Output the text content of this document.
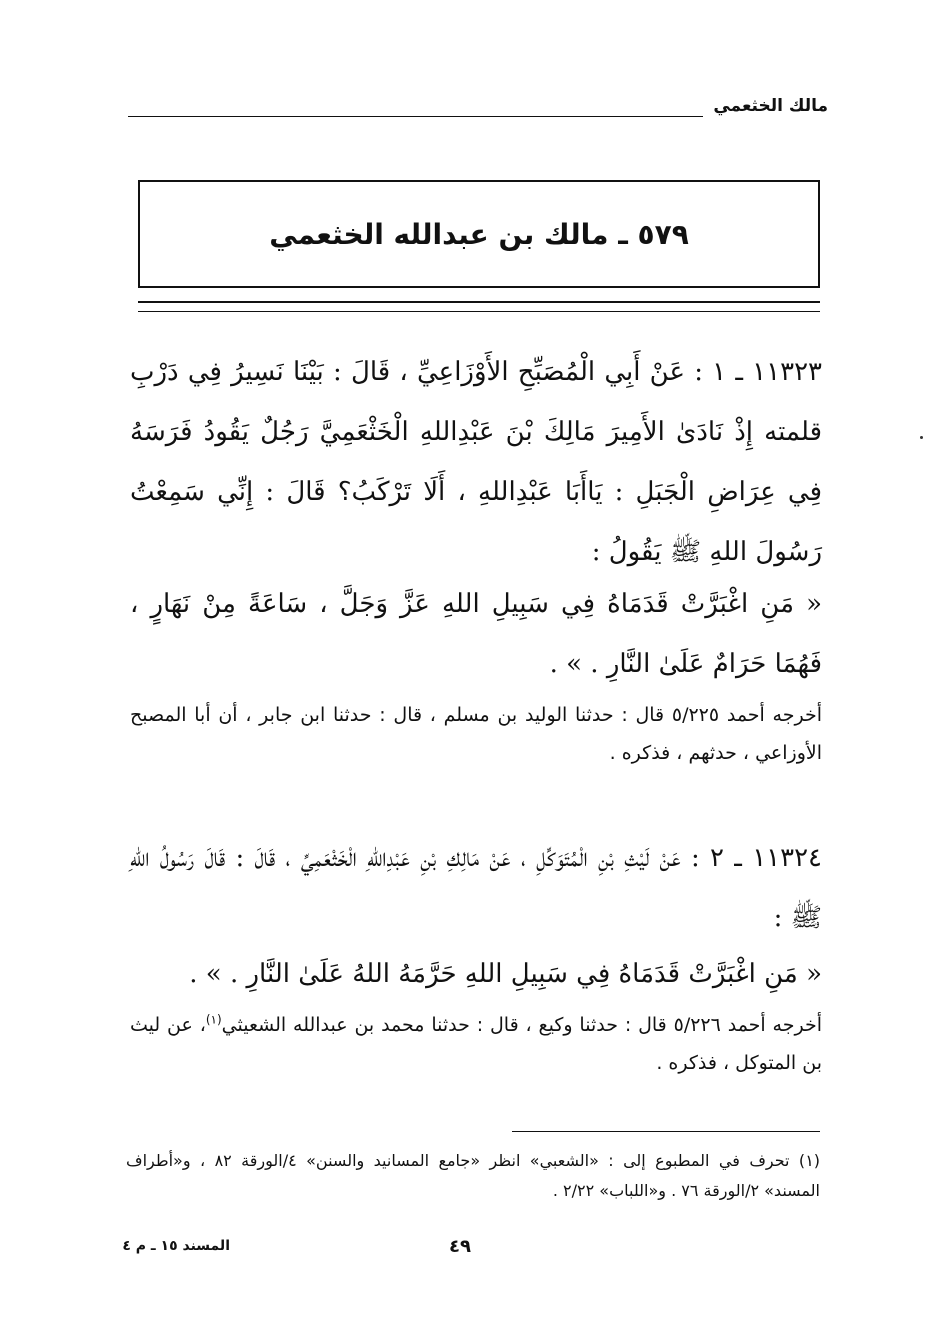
مالك الخثعمي
٥٧٩ ـ مالك بن عبدالله الخثعمي

١١٣٢٣ ـ ١ : عَنْ أَبِي الْمُصَبِّحِ الأَوْزَاعِيِّ ، قَالَ : بَيْنَا نَسِيرُ فِي دَرْبِ قلمته إِذْ نَادَىٰ الأَمِيرَ مَالِكَ بْنَ عَبْدِاللهِ الْخَثْعَمِيَّ رَجُلٌ يَقُودُ فَرَسَهُ فِي عِرَاضِ الْجَبَلِ : يَاأَبَا عَبْدِاللهِ ، أَلَا تَرْكَبُ؟ قَالَ : إِنِّي سَمِعْتُ رَسُولَ اللهِ ﷺ يَقُولُ :

« مَنِ اغْبَرَّتْ قَدَمَاهُ فِي سَبِيلِ اللهِ عَزَّ وَجَلَّ ، سَاعَةً مِنْ نَهَارٍ ، فَهُمَا حَرَامٌ عَلَىٰ النَّارِ . » .

أخرجه أحمد ٥/٢٢٥ قال : حدثنا الوليد بن مسلم ، قال : حدثنا ابن جابر ، أن أبا المصبح الأوزاعي ، حدثهم ، فذكره .

١١٣٢٤ ـ ٢ : عَنْ لَيْثِ بْنِ الْمُتَوَكِّلِ ، عَنْ مَالِكِ بْنِ عَبْدِاللهِ الْخَثْعَمِيِّ ، قَالَ : قَالَ رَسُولُ اللهِ ﷺ :

« مَنِ اغْبَرَّتْ قَدَمَاهُ فِي سَبِيلِ اللهِ حَرَّمَهُ اللهُ عَلَىٰ النَّارِ . » .

أخرجه أحمد ٥/٢٢٦ قال : حدثنا وكيع ، قال : حدثنا محمد بن عبدالله الشعيثي$^{(١)}$، عن ليث بن المتوكل ، فذكره .

(١) تحرف في المطبوع إلى : «الشعبي» انظر «جامع المسانيد والسنن» ٤/الورقة ٨٢ ، و«أطراف المسند» ٢/الورقة ٧٦ . و«اللباب» ٢/٢٢ .

٤٩
المسند ١٥ ـ م ٤
